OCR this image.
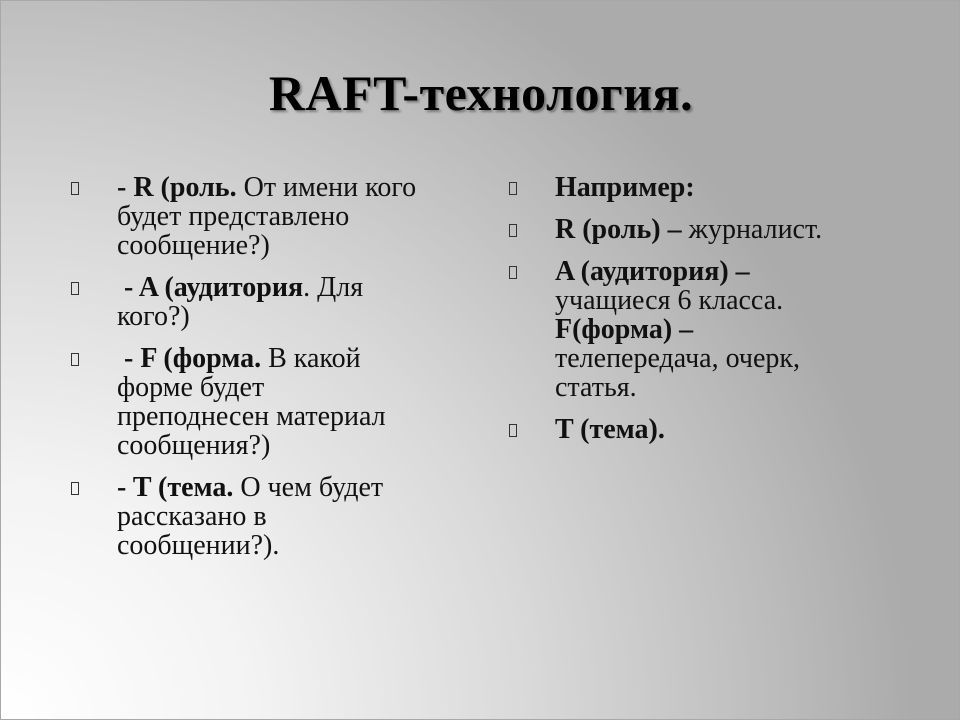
RAFT-технология.
- R (роль. От имени кого
будет представлено
сообщение?)
- A (аудитория. Для
кого?)
- F (форма. В какой
форме будет
преподнесен материал
сообщения?)
- T (тема. О чем будет
рассказано в
сообщении?).
Например:
R (роль) – журналист.
A (аудитория) –
учащиеся 6 класса.
F(форма) –
телепередача, очерк,
статья.
T (тема).
